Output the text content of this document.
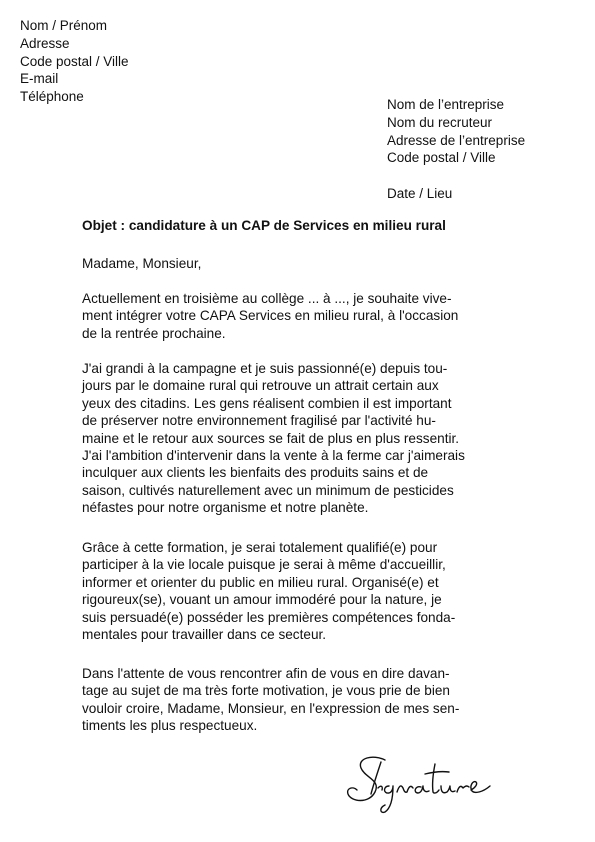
Nom / Prénom
Adresse
Code postal / Ville
E-mail
Téléphone
Nom de l’entreprise
Nom du recruteur
Adresse de l’entreprise
Code postal / Ville
Date / Lieu
Objet : candidature à un CAP de Services en milieu rural
Madame, Monsieur,
Actuellement en troisième au collège ... à ..., je souhaite vive-
ment intégrer votre CAPA Services en milieu rural, à l'occasion
de la rentrée prochaine.
J'ai grandi à la campagne et je suis passionné(e) depuis tou-
jours par le domaine rural qui retrouve un attrait certain aux
yeux des citadins. Les gens réalisent combien il est important
de préserver notre environnement fragilisé par l'activité hu-
maine et le retour aux sources se fait de plus en plus ressentir.
J'ai l'ambition d'intervenir dans la vente à la ferme car j'aimerais
inculquer aux clients les bienfaits des produits sains et de
saison, cultivés naturellement avec un minimum de pesticides
néfastes pour notre organisme et notre planète.
Grâce à cette formation, je serai totalement qualifié(e) pour
participer à la vie locale puisque je serai à même d'accueillir,
informer et orienter du public en milieu rural. Organisé(e) et
rigoureux(se), vouant un amour immodéré pour la nature, je
suis persuadé(e) posséder les premières compétences fonda-
mentales pour travailler dans ce secteur.
Dans l'attente de vous rencontrer afin de vous en dire davan-
tage au sujet de ma très forte motivation, je vous prie de bien
vouloir croire, Madame, Monsieur, en l'expression de mes sen-
timents les plus respectueux.
Signature
